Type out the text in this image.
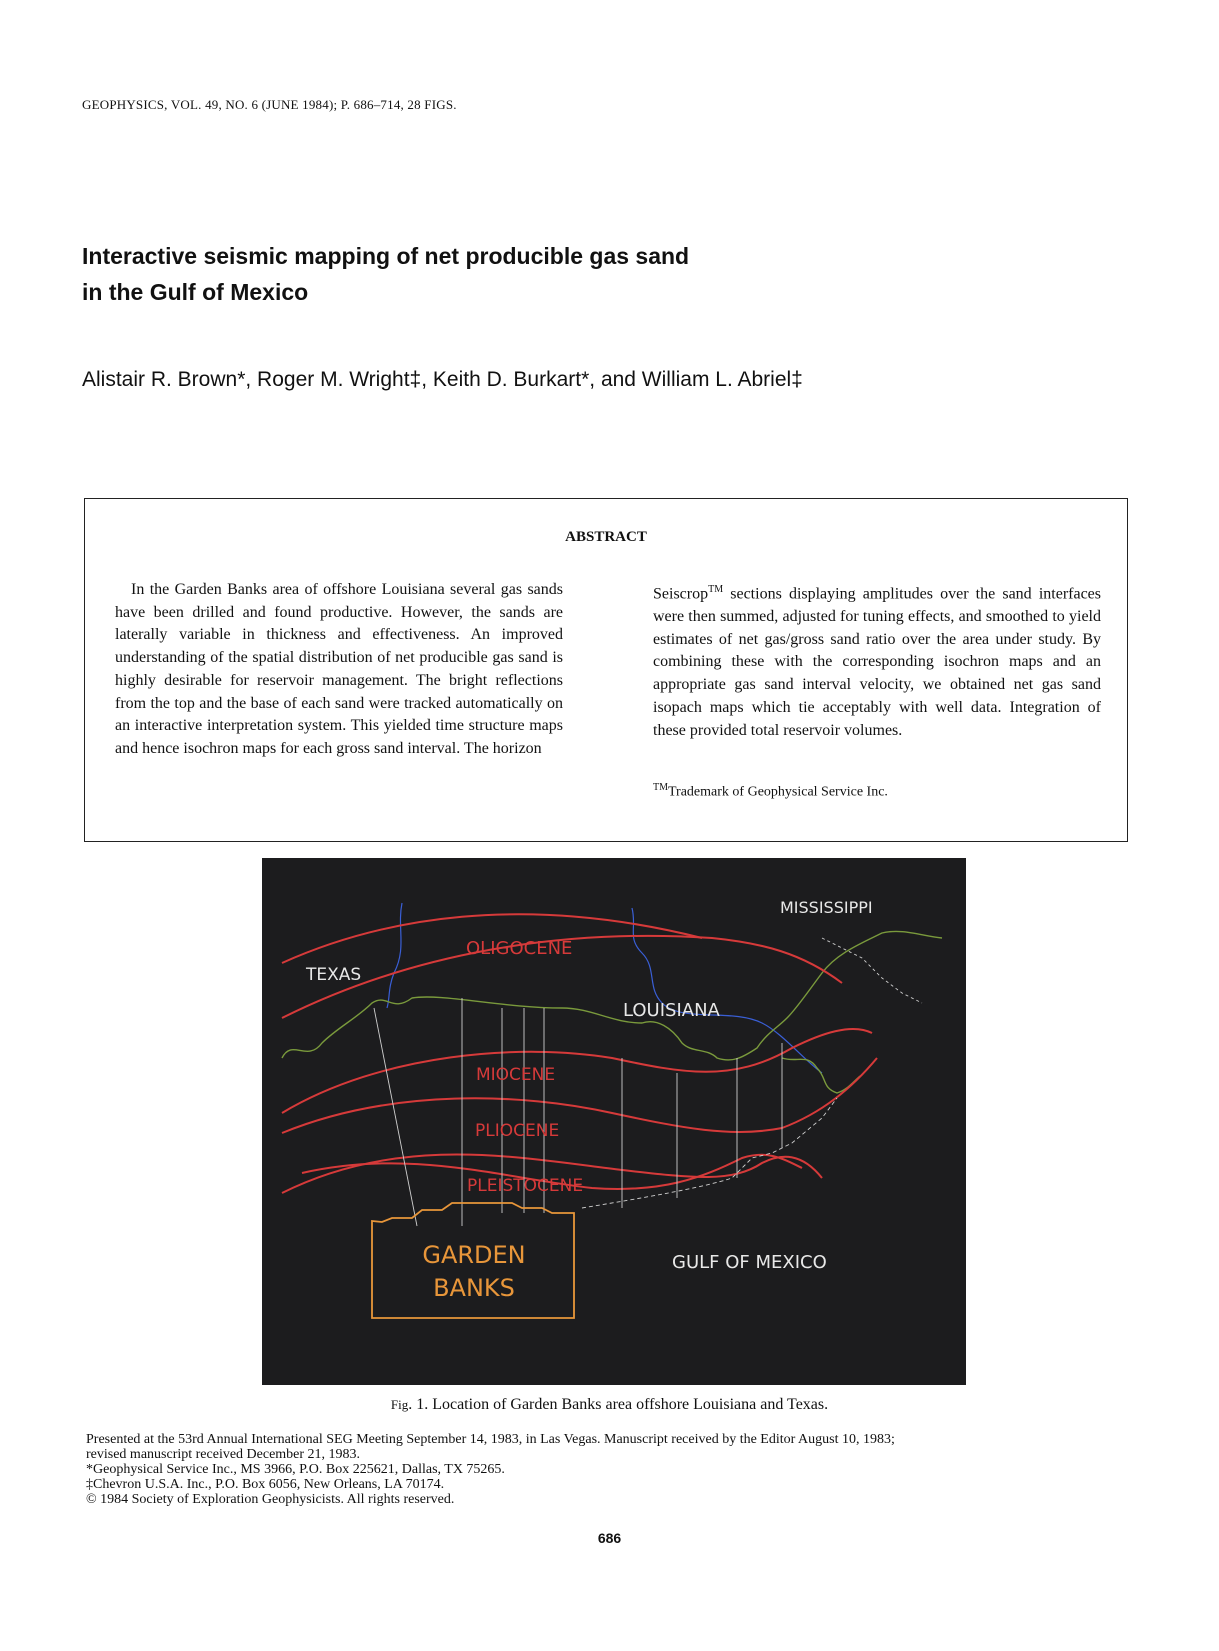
GEOPHYSICS, VOL. 49, NO. 6 (JUNE 1984); P. 686–714, 28 FIGS.
Interactive seismic mapping of net producible gas sand
in the Gulf of Mexico
Alistair R. Brown*, Roger M. Wright‡, Keith D. Burkart*, and William L. Abriel‡
ABSTRACT

In the Garden Banks area of offshore Louisiana several gas sands have been drilled and found productive. However, the sands are laterally variable in thickness and effectiveness. An improved understanding of the spatial distribution of net producible gas sand is highly desirable for reservoir management. The bright reflections from the top and the base of each sand were tracked automatically on an interactive interpretation system. This yielded time structure maps and hence isochron maps for each gross sand interval. The horizon

Seiscrop™ sections displaying amplitudes over the sand interfaces were then summed, adjusted for tuning effects, and smoothed to yield estimates of net gas/gross sand ratio over the area under study. By combining these with the corresponding isochron maps and an appropriate gas sand interval velocity, we obtained net gas sand isopach maps which tie acceptably with well data. Integration of these provided total reservoir volumes.

™Trademark of Geophysical Service Inc.
TEXAS
LOUISIANA
MISSISSIPPI
OLIGOCENE
MIOCENE
PLIOCENE
PLEISTOCENE
GULF OF MEXICO
GARDEN
BANKS
Fig. 1. Location of Garden Banks area offshore Louisiana and Texas.
Presented at the 53rd Annual International SEG Meeting September 14, 1983, in Las Vegas. Manuscript received by the Editor August 10, 1983;
revised manuscript received December 21, 1983.
*Geophysical Service Inc., MS 3966, P.O. Box 225621, Dallas, TX 75265.
‡Chevron U.S.A. Inc., P.O. Box 6056, New Orleans, LA 70174.
© 1984 Society of Exploration Geophysicists. All rights reserved.
686
